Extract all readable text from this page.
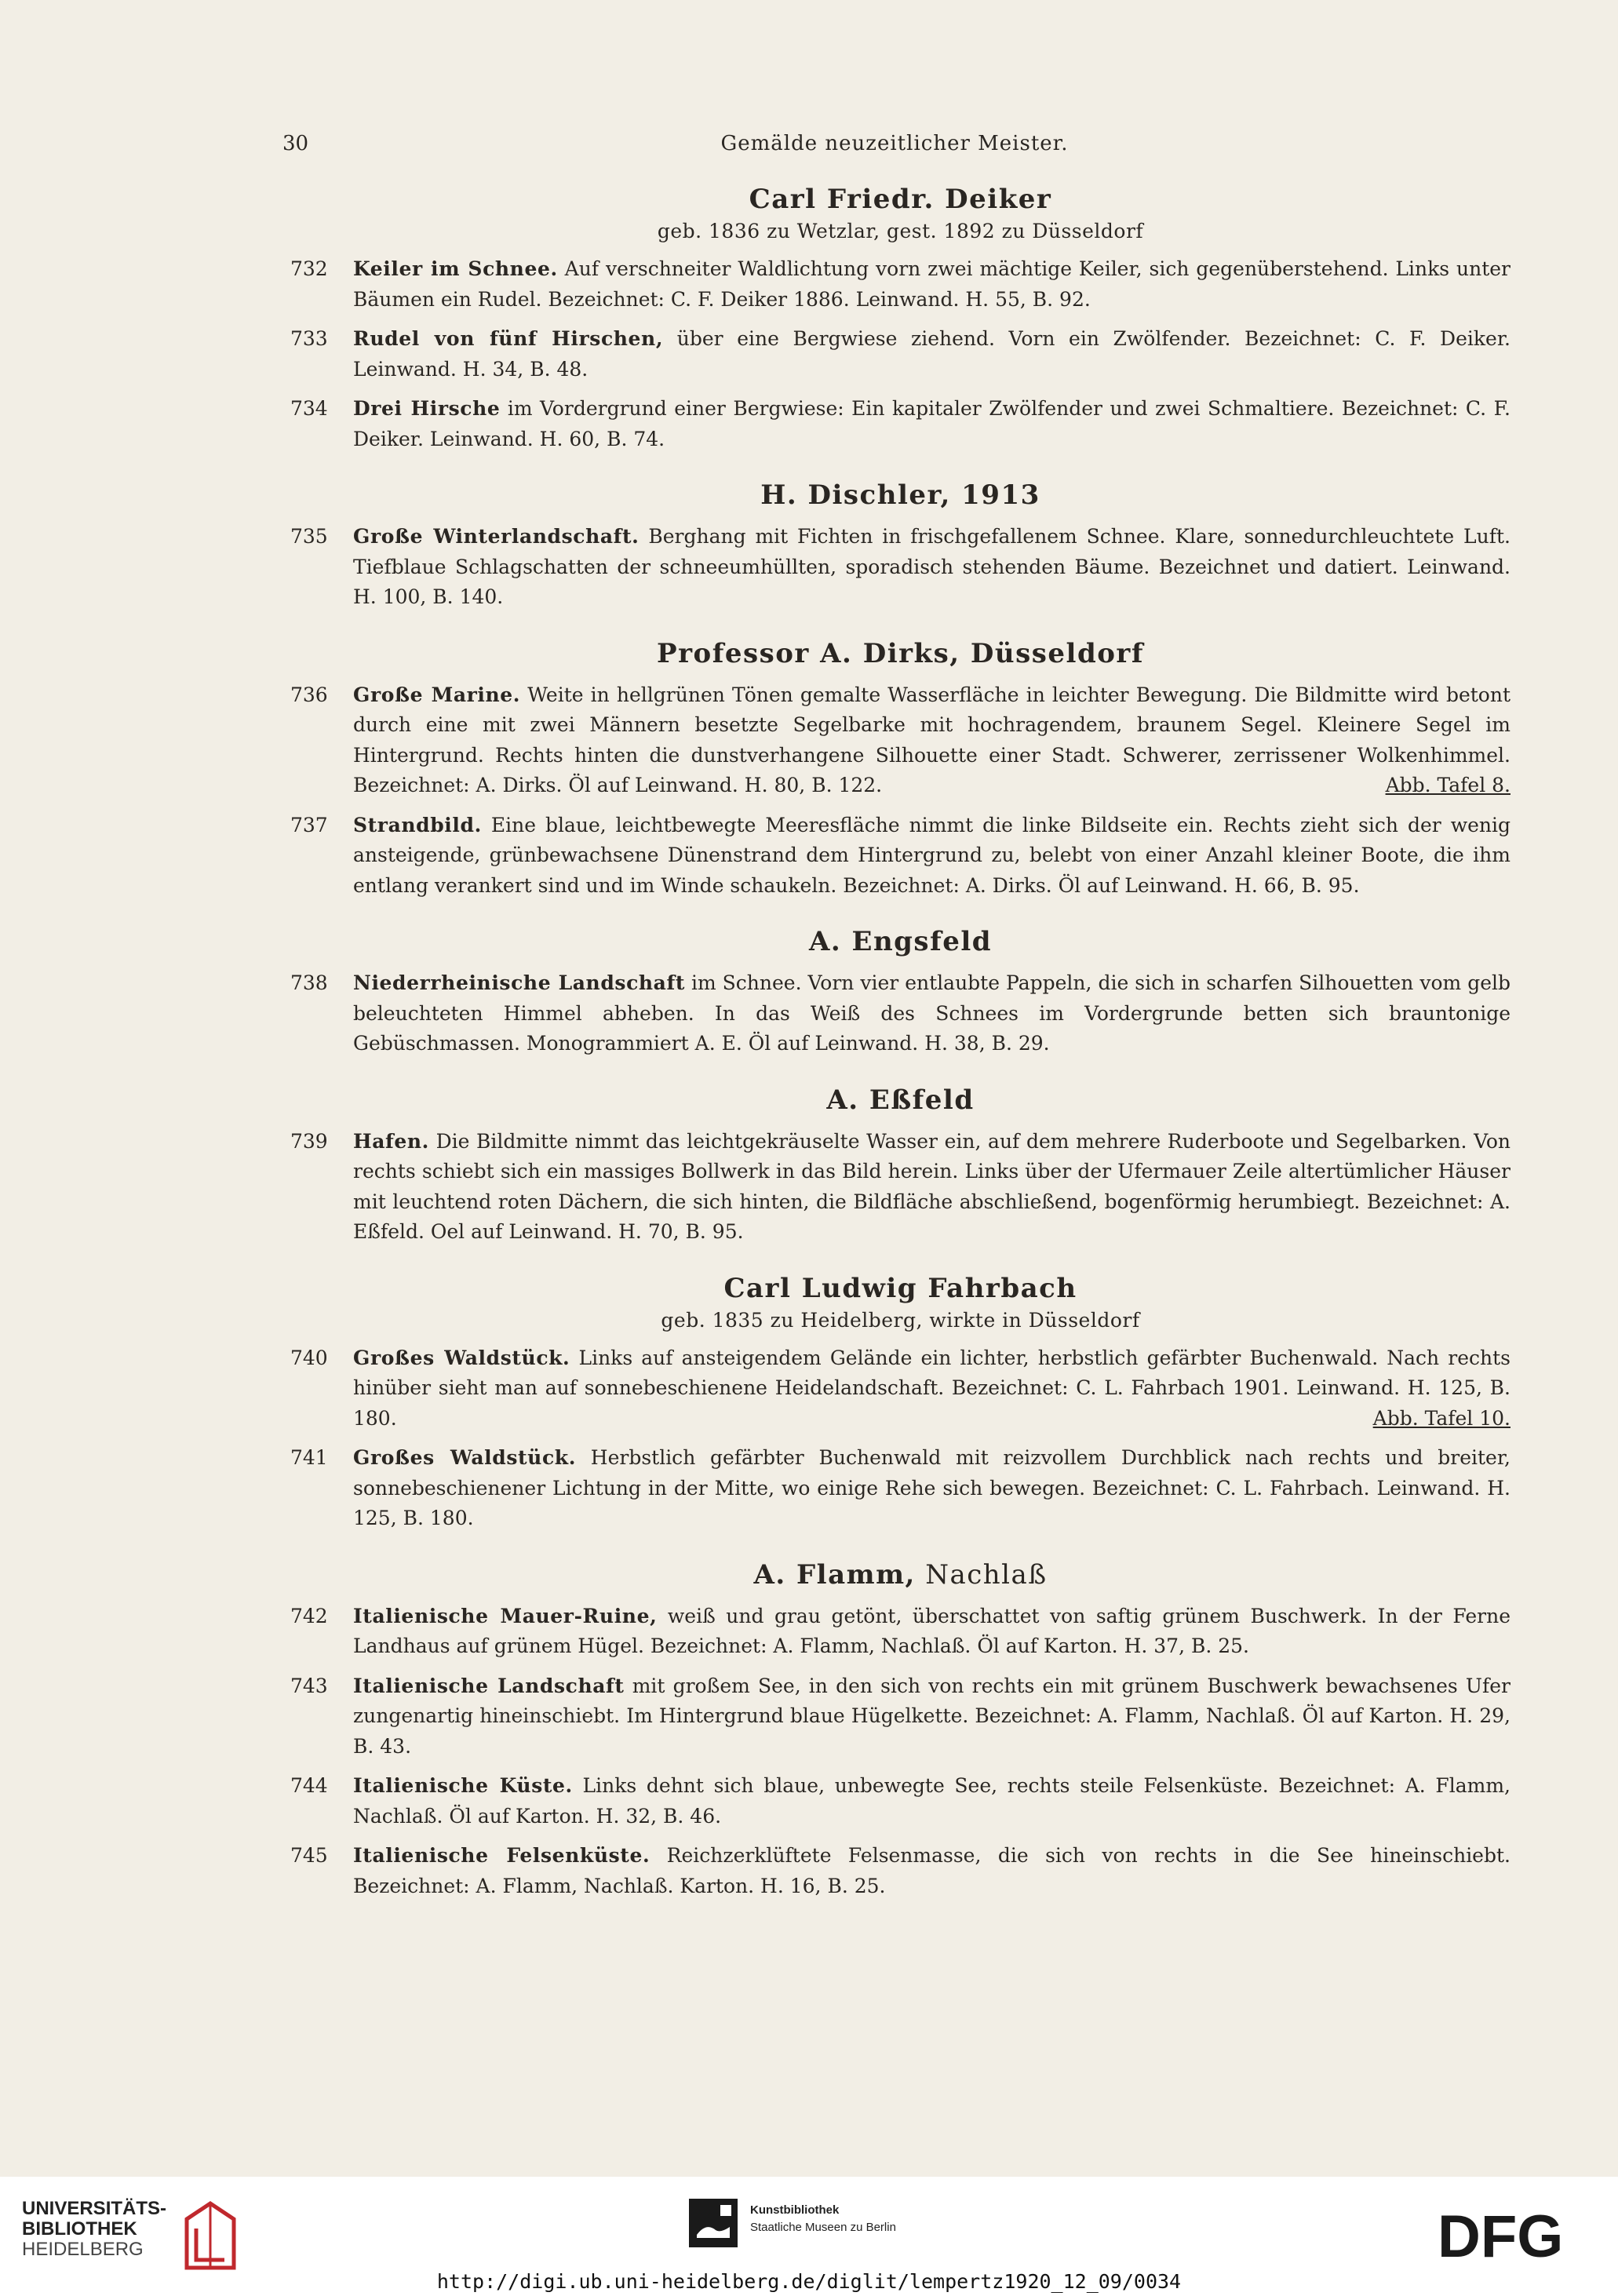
30	Gemälde neuzeitlicher Meister.
Carl Friedr. Deiker
geb. 1836 zu Wetzlar, gest. 1892 zu Düsseldorf
732 Keiler im Schnee. Auf verschneiter Waldlichtung vorn zwei mächtige Keiler, sich gegenüberstehend. Links unter Bäumen ein Rudel. Bezeichnet: C. F. Deiker 1886. Leinwand. H. 55, B. 92.
733 Rudel von fünf Hirschen, über eine Bergwiese ziehend. Vorn ein Zwölfender. Bezeichnet: C. F. Deiker. Leinwand. H. 34, B. 48.
734 Drei Hirsche im Vordergrund einer Bergwiese: Ein kapitaler Zwölfender und zwei Schmaltiere. Bezeichnet: C. F. Deiker. Leinwand. H. 60, B. 74.
H. Dischler, 1913
735 Große Winterlandschaft. Berghang mit Fichten in frischgefallenem Schnee. Klare, sonnedurchleuchtete Luft. Tiefblaue Schlagschatten der schneeumhüllten, sporadisch stehenden Bäume. Bezeichnet und datiert. Leinwand. H. 100, B. 140.
Professor A. Dirks, Düsseldorf
736 Große Marine. Weite in hellgrünen Tönen gemalte Wasserfläche in leichter Bewegung. Die Bildmitte wird betont durch eine mit zwei Männern besetzte Segelbarke mit hochragendem, braunem Segel. Kleinere Segel im Hintergrund. Rechts hinten die dunstverhangene Silhouette einer Stadt. Schwerer, zerrissener Wolkenhimmel. Bezeichnet: A. Dirks. Öl auf Leinwand. H. 80, B. 122.	Abb. Tafel 8.
737 Strandbild. Eine blaue, leichtbewegte Meeresfläche nimmt die linke Bildseite ein. Rechts zieht sich der wenig ansteigende, grünbewachsene Dünenstrand dem Hintergrund zu, belebt von einer Anzahl kleiner Boote, die ihm entlang verankert sind und im Winde schaukeln. Bezeichnet: A. Dirks. Öl auf Leinwand. H. 66, B. 95.
A. Engsfeld
738 Niederrheinische Landschaft im Schnee. Vorn vier entlaubte Pappeln, die sich in scharfen Silhouetten vom gelb beleuchteten Himmel abheben. In das Weiß des Schnees im Vordergrunde betten sich brauntonige Gebüschmassen. Monogrammiert A. E. Öl auf Leinwand. H. 38, B. 29.
A. Eßfeld
739 Hafen. Die Bildmitte nimmt das leichtgekräuselte Wasser ein, auf dem mehrere Ruderboote und Segelbarken. Von rechts schiebt sich ein massiges Bollwerk in das Bild herein. Links über der Ufermauer Zeile altertümlicher Häuser mit leuchtend roten Dächern, die sich hinten, die Bildfläche abschließend, bogenförmig herumbiegt. Bezeichnet: A. Eßfeld. Oel auf Leinwand. H. 70, B. 95.
Carl Ludwig Fahrbach
geb. 1835 zu Heidelberg, wirkte in Düsseldorf
740 Großes Waldstück. Links auf ansteigendem Gelände ein lichter, herbstlich gefärbter Buchenwald. Nach rechts hinüber sieht man auf sonnebeschienene Heidelandschaft. Bezeichnet: C. L. Fahrbach 1901. Leinwand. H. 125, B. 180.	Abb. Tafel 10.
741 Großes Waldstück. Herbstlich gefärbter Buchenwald mit reizvollem Durchblick nach rechts und breiter, sonnebeschienener Lichtung in der Mitte, wo einige Rehe sich bewegen. Bezeichnet: C. L. Fahrbach. Leinwand. H. 125, B. 180.
A. Flamm, Nachlaß
742 Italienische Mauer-Ruine, weiß und grau getönt, überschattet von saftig grünem Buschwerk. In der Ferne Landhaus auf grünem Hügel. Bezeichnet: A. Flamm, Nachlaß. Öl auf Karton. H. 37, B. 25.
743 Italienische Landschaft mit großem See, in den sich von rechts ein mit grünem Buschwerk bewachsenes Ufer zungenartig hineinschiebt. Im Hintergrund blaue Hügelkette. Bezeichnet: A. Flamm, Nachlaß. Öl auf Karton. H. 29, B. 43.
744 Italienische Küste. Links dehnt sich blaue, unbewegte See, rechts steile Felsenküste. Bezeichnet: A. Flamm, Nachlaß. Öl auf Karton. H. 32, B. 46.
745 Italienische Felsenküste. Reichzerklüftete Felsenmasse, die sich von rechts in die See hineinschiebt. Bezeichnet: A. Flamm, Nachlaß. Karton. H. 16, B. 25.
UNIVERSITÄTS-
BIBLIOTHEK
HEIDELBERG
Kunstbibliothek
Staatliche Museen zu Berlin	DFG
http://digi.ub.uni-heidelberg.de/diglit/lempertz1920_12_09/0034
